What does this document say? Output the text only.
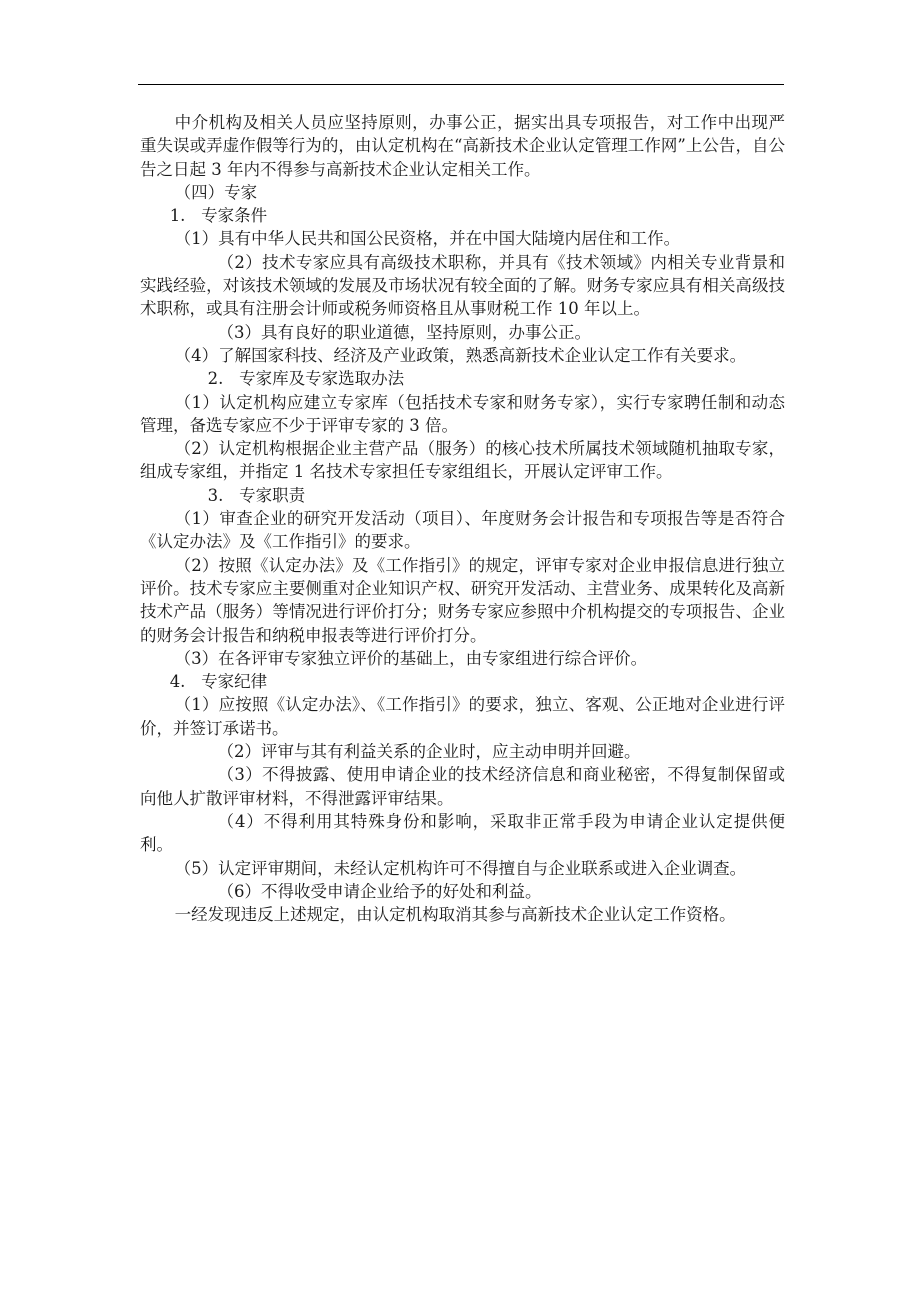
中介机构及相关人员应坚持原则，办事公正，据实出具专项报告，对工作中出现严重失误或弄虚作假等行为的，由认定机构在“高新技术企业认定管理工作网”上公告，自公告之日起 3 年内不得参与高新技术企业认定相关工作。

（四）专家

1.   专家条件

（1）具有中华人民共和国公民资格，并在中国大陆境内居住和工作。

（2）技术专家应具有高级技术职称，并具有《技术领域》内相关专业背景和实践经验，对该技术领域的发展及市场状况有较全面的了解。财务专家应具有相关高级技术职称，或具有注册会计师或税务师资格且从事财税工作 10 年以上。

（3）具有良好的职业道德，坚持原则，办事公正。

（4）了解国家科技、经济及产业政策，熟悉高新技术企业认定工作有关要求。

2.   专家库及专家选取办法

（1）认定机构应建立专家库（包括技术专家和财务专家），实行专家聘任制和动态管理，备选专家应不少于评审专家的 3 倍。

（2）认定机构根据企业主营产品（服务）的核心技术所属技术领域随机抽取专家，组成专家组，并指定 1 名技术专家担任专家组组长，开展认定评审工作。

3.   专家职责

（1）审查企业的研究开发活动（项目）、年度财务会计报告和专项报告等是否符合《认定办法》及《工作指引》的要求。

（2）按照《认定办法》及《工作指引》的规定，评审专家对企业申报信息进行独立评价。技术专家应主要侧重对企业知识产权、研究开发活动、主营业务、成果转化及高新技术产品（服务）等情况进行评价打分；财务专家应参照中介机构提交的专项报告、企业的财务会计报告和纳税申报表等进行评价打分。

（3）在各评审专家独立评价的基础上，由专家组进行综合评价。

4.   专家纪律

（1）应按照《认定办法》、《工作指引》的要求，独立、客观、公正地对企业进行评价，并签订承诺书。

（2）评审与其有利益关系的企业时，应主动申明并回避。

（3）不得披露、使用申请企业的技术经济信息和商业秘密，不得复制保留或向他人扩散评审材料，不得泄露评审结果。

（4）不得利用其特殊身份和影响，采取非正常手段为申请企业认定提供便利。

（5）认定评审期间，未经认定机构许可不得擅自与企业联系或进入企业调查。

（6）不得收受申请企业给予的好处和利益。

一经发现违反上述规定，由认定机构取消其参与高新技术企业认定工作资格。
